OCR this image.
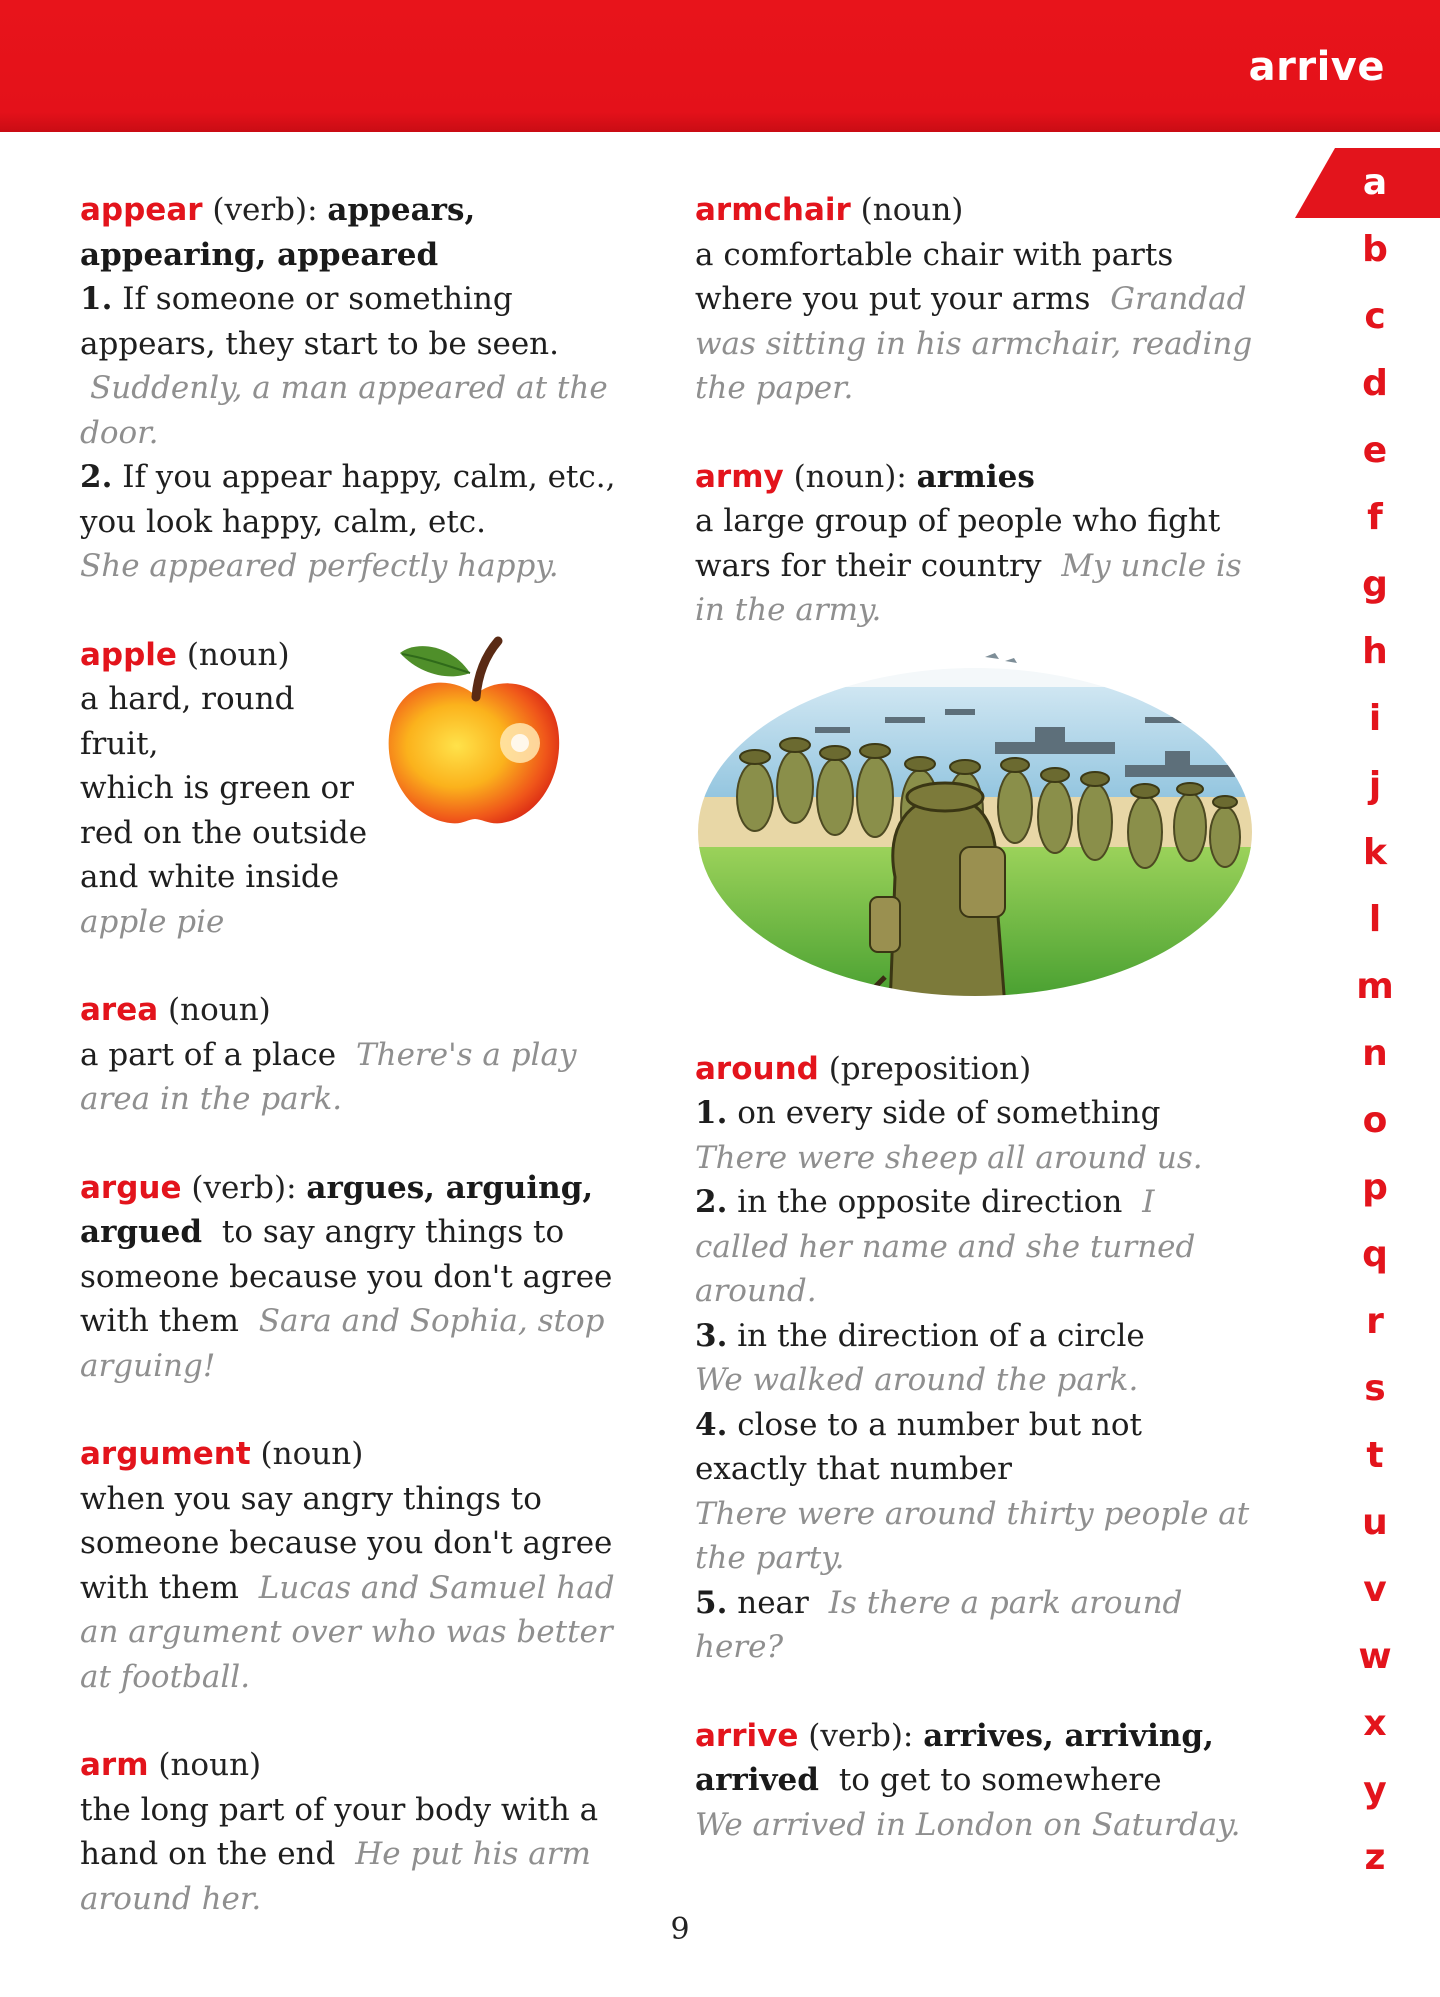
arrive
appear (verb): appears, appearing, appeared
1. If someone or something appears, they start to be seen. Suddenly, a man appeared at the door.
2. If you appear happy, calm, etc., you look happy, calm, etc.
She appeared perfectly happy.
apple (noun)
a hard, round fruit,
which is green or
red on the outside
and white inside
apple pie
area (noun)
a part of a place There's a play area in the park.
argue (verb): argues, arguing,
argued to say angry things to someone because you don't agree with them Sara and Sophia, stop arguing!
argument (noun)
when you say angry things to someone because you don't agree with them Lucas and Samuel had an argument over who was better at football.
arm (noun)
the long part of your body with a hand on the end He put his arm around her.
armchair (noun)
a comfortable chair with parts where you put your arms Grandad was sitting in his armchair, reading the paper.
army (noun): armies
a large group of people who fight wars for their country My uncle is in the army.
around (preposition)
1. on every side of something
There were sheep all around us.
2. in the opposite direction I called her name and she turned around.
3. in the direction of a circle
We walked around the park.
4. close to a number but not exactly that number
There were around thirty people at the party.
5. near Is there a park around here?
arrive (verb): arrives, arriving,
arrived to get to somewhere
We arrived in London on Saturday.
a
b
c
d
e
f
g
h
i
j
k
l
m
n
o
p
q
r
s
t
u
v
w
x
y
z
9
